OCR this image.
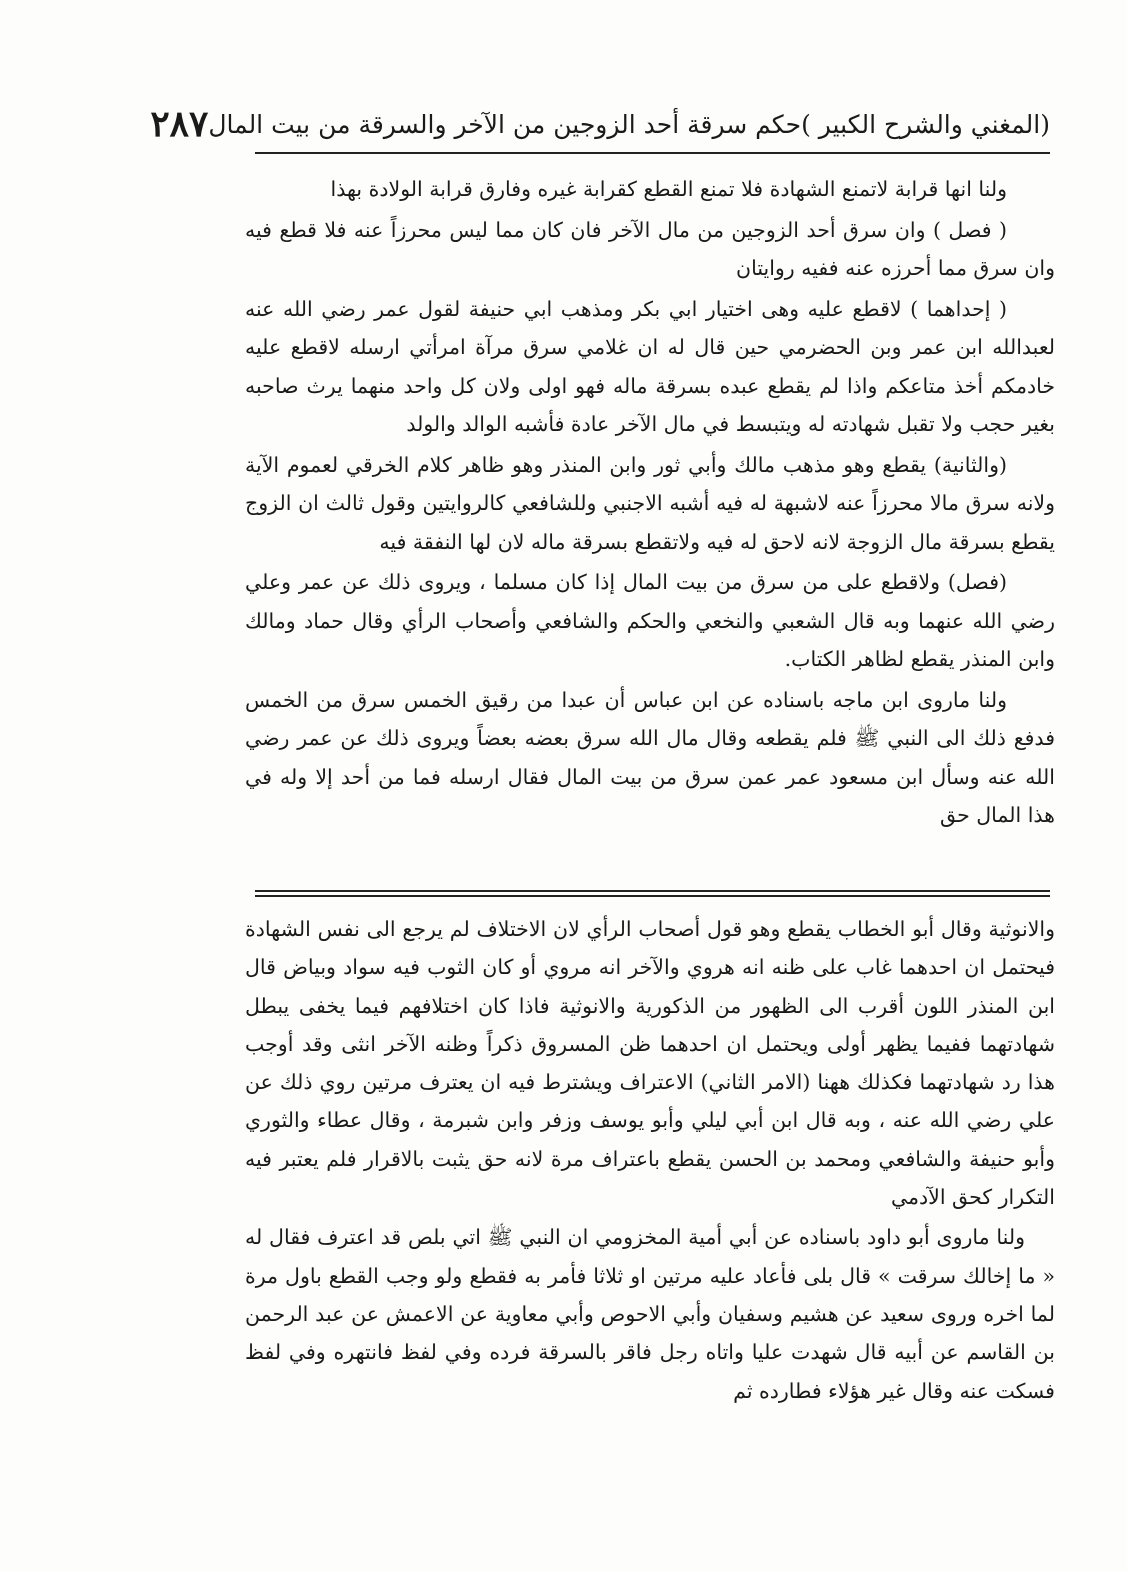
(المغني والشرح الكبير )
حكم سرقة أحد الزوجين من الآخر والسرقة من بيت المال
٢٨٧

ولنا انها قرابة لاتمنع الشهادة فلا تمنع القطع كقرابة غيره وفارق قرابة الولادة بهذا

( فصل ) وان سرق أحد الزوجين من مال الآخر فان كان مما ليس محرزاً عنه فلا قطع فيه وان سرق مما أحرزه عنه ففيه روايتان

( إحداهما ) لاقطع عليه وهى اختيار ابي بكر ومذهب ابي حنيفة لقول عمر رضي الله عنه لعبدالله ابن عمر وبن الحضرمي حين قال له ان غلامي سرق مرآة امرأتي ارسله لاقطع عليه خادمكم أخذ متاعكم واذا لم يقطع عبده بسرقة ماله فهو اولى ولان كل واحد منهما يرث صاحبه بغير حجب ولا تقبل شهادته له ويتبسط في مال الآخر عادة فأشبه الوالد والولد

(والثانية) يقطع وهو مذهب مالك وأبي ثور وابن المنذر وهو ظاهر كلام الخرقي لعموم الآية ولانه سرق مالا محرزاً عنه لاشبهة له فيه أشبه الاجنبي وللشافعي كالروايتين وقول ثالث ان الزوج يقطع بسرقة مال الزوجة لانه لاحق له فيه ولاتقطع بسرقة ماله لان لها النفقة فيه

(فصل) ولاقطع على من سرق من بيت المال إذا كان مسلما ، ويروى ذلك عن عمر وعلي رضي الله عنهما وبه قال الشعبي والنخعي والحكم والشافعي وأصحاب الرأي وقال حماد ومالك وابن المنذر يقطع لظاهر الكتاب.

ولنا ماروى ابن ماجه باسناده عن ابن عباس أن عبدا من رقيق الخمس سرق من الخمس فدفع ذلك الى النبي ﷺ فلم يقطعه وقال مال الله سرق بعضه بعضاً ويروى ذلك عن عمر رضي الله عنه وسأل ابن مسعود عمر عمن سرق من بيت المال فقال ارسله فما من أحد إلا وله في هذا المال حق

والانوثية وقال أبو الخطاب يقطع وهو قول أصحاب الرأي لان الاختلاف لم يرجع الى نفس الشهادة فيحتمل ان احدهما غاب على ظنه انه هروي والآخر انه مروي أو كان الثوب فيه سواد وبياض قال ابن المنذر اللون أقرب الى الظهور من الذكورية والانوثية فاذا كان اختلافهم فيما يخفى يبطل شهادتهما ففيما يظهر أولى ويحتمل ان احدهما ظن المسروق ذكراً وظنه الآخر انثى وقد أوجب هذا رد شهادتهما فكذلك ههنا (الامر الثاني) الاعتراف ويشترط فيه ان يعترف مرتين روي ذلك عن علي رضي الله عنه ، وبه قال ابن أبي ليلي وأبو يوسف وزفر وابن شبرمة ، وقال عطاء والثوري وأبو حنيفة والشافعي ومحمد بن الحسن يقطع باعتراف مرة لانه حق يثبت بالاقرار فلم يعتبر فيه التكرار كحق الآدمي

ولنا ماروى أبو داود باسناده عن أبي أمية المخزومي ان النبي ﷺ اتي بلص قد اعترف فقال له « ما إخالك سرقت » قال بلى فأعاد عليه مرتين او ثلاثا فأمر به فقطع ولو وجب القطع باول مرة لما اخره وروى سعيد عن هشيم وسفيان وأبي الاحوص وأبي معاوية عن الاعمش عن عبد الرحمن بن القاسم عن أبيه قال شهدت عليا واتاه رجل فاقر بالسرقة فرده وفي لفظ فانتهره وفي لفظ فسكت عنه وقال غير هؤلاء فطارده ثم
